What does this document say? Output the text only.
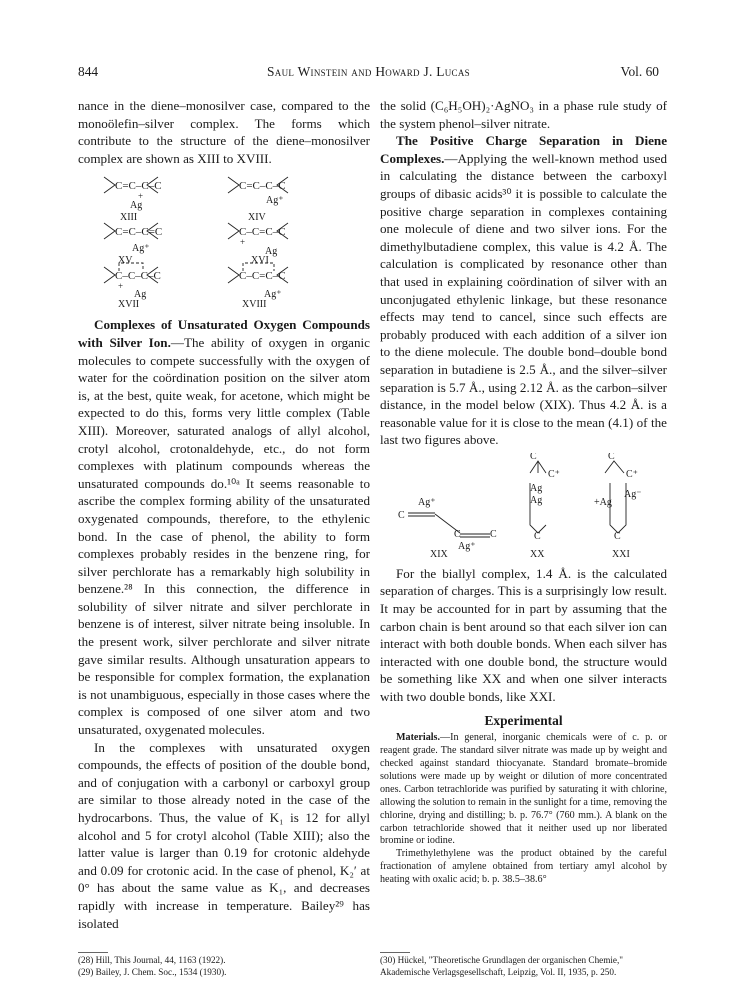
844	Saul Winstein and Howard J. Lucas	Vol. 60

nance in the diene–monosilver case, compared to the monoölefin–silver complex. The forms which contribute to the structure of the diene–monosilver complex are shown as XIII to XVIII.

C=C–C–C
+
Ag
XIII
C=C–C–C
Ag⁺
XIV
C=C–C=C
Ag⁺
XV
C–C=C–C
+
Ag
XVI
C–C–C–C
+
Ag
XVII
C–C=C–C
Ag⁺
XVIII

Complexes of Unsaturated Oxygen Compounds with Silver Ion.—The ability of oxygen in organic molecules to compete successfully with the oxygen of water for the coördination position on the silver atom is, at the best, quite weak, for acetone, which might be expected to do this, forms very little complex (Table XIII). Moreover, saturated analogs of allyl alcohol, crotyl alcohol, crotonaldehyde, etc., do not form complexes with platinum compounds whereas the unsaturated compounds do.¹⁰ᵃ It seems reasonable to ascribe the complex forming ability of the unsaturated oxygenated compounds, therefore, to the ethylenic bond. In the case of phenol, the ability to form complexes probably resides in the benzene ring, for silver perchlorate has a remarkably high solubility in benzene.²⁸ In this connection, the difference in solubility of silver nitrate and silver perchlorate in benzene is of interest, silver nitrate being insoluble. In the present work, silver perchlorate and silver nitrate gave similar results. Although unsaturation appears to be responsible for complex formation, the explanation is not unambiguous, especially in those cases where the complex is composed of one silver atom and two unsaturated, oxygenated molecules.

In the complexes with unsaturated oxygen compounds, the effects of position of the double bond, and of conjugation with a carbonyl or carboxyl group are similar to those already noted in the case of the hydrocarbons. Thus, the value of K₁ is 12 for allyl alcohol and 5 for crotyl alcohol (Table XIII); also the latter value is larger than 0.19 for crotonic aldehyde and 0.09 for crotonic acid. In the case of phenol, K₂′ at 0° has about the same value as K₁, and decreases rapidly with increase in temperature. Bailey²⁹ has isolated

(28) Hill, This Journal, 44, 1163 (1922).
(29) Bailey, J. Chem. Soc., 1534 (1930).

the solid (C₆H₅OH)₂·AgNO₃ in a phase rule study of the system phenol–silver nitrate.

The Positive Charge Separation in Diene Complexes.—Applying the well-known method used in calculating the distance between the carboxyl groups of dibasic acids³⁰ it is possible to calculate the positive charge separation in complexes containing one molecule of diene and two silver ions. For the dimethylbutadiene complex, this value is 4.2 Å. The calculation is complicated by resonance other than that used in explaining coördination of silver with an unconjugated ethylenic linkage, but these resonance effects may tend to cancel, since such effects are probably produced with each addition of a silver ion to the diene molecule. The double bond–double bond separation in butadiene is 2.5 Å., and the silver–silver separation is 5.7 Å., using 2.12 Å. as the carbon–silver distance, in the model below (XIX). Thus 4.2 Å. is a reasonable value for it is close to the mean (4.1) of the last two figures above.

Ag⁺
C
C	C
Ag⁺
C
C⁺
Ag
Ag
C
C
C⁺
Ag⁻
+Ag
C
XIX	XX	XXI

For the biallyl complex, 1.4 Å. is the calculated separation of charges. This is a surprisingly low result. It may be accounted for in part by assuming that the carbon chain is bent around so that each silver ion can interact with both double bonds. When each silver has interacted with one double bond, the structure would be something like XX and when one silver interacts with two double bonds, like XXI.

Experimental

Materials.—In general, inorganic chemicals were of c. p. or reagent grade. The standard silver nitrate was made up by weight and checked against standard thiocyanate. Standard bromate–bromide solutions were made up by weight or dilution of more concentrated ones. Carbon tetrachloride was purified by saturating it with chlorine, allowing the solution to remain in the sunlight for a time, removing the chlorine, drying and distilling; b. p. 76.7° (760 mm.). A blank on the carbon tetrachloride showed that it neither used up nor liberated bromine or iodine.

Trimethylethylene was the product obtained by the careful fractionation of amylene obtained from tertiary amyl alcohol by heating with oxalic acid; b. p. 38.5–38.6°

(30) Hückel, "Theoretische Grundlagen der organischen Chemie," Akademische Verlagsgesellschaft, Leipzig, Vol. II, 1935, p. 250.
